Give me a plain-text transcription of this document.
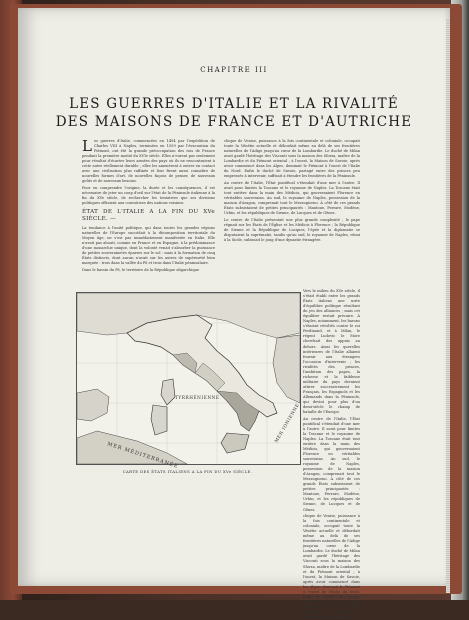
CHAPITRE III
LES GUERRES D'ITALIE ET LA RIVALITÉ
DES MAISONS DE FRANCE ET D'AUTRICHE

Les guerres d'Italie, commencées en 1494 par l'expédition de Charles VIII à Naples, terminées en 1559 par l'évacuation du Piémont, ont été la grande préoccupation des rois de France pendant la première moitié du XVIe siècle. Elles n'eurent pas seulement pour résultat d'écarter leurs armées des pays où ils ne rencontraient à cette autre réellement durable ; elles les amenèrent à entrer en contact avec une civilisation plus raffinée et leur firent aussi connaître de nouvelles formes d'art, de nouvelles façons de penser, de nouveaux goûts et de nouveaux besoins.

Pour en comprendre l'origine, la durée et les conséquences, il est nécessaire de jeter un coup d'œil sur l'état de la Péninsule italienne à la fin du XVe siècle, de rechercher les tentatives que ses divisions politiques offraient aux convoitises des nations voisines.

ÉTAT DE L'ITALIE A LA FIN DU XVe SIÈCLE. —

La tendance à l'unité politique, qui dans toutes les grandes régions naturelles de l'Europe succédait à la décomposition territoriale du Moyen âge, ne s'est pas immédiatement manifestée en Italie. Elle n'avait pas abouti, comme en France et en Espagne, à la prédominance d'une monarchie unique, dont la volonté venait s'absorber la puissance de petites souverainetés éparses sur le sol : mais à la formation de cinq États distincts, dont aucun n'avait sur les autres de supériorité bien marquée : trois dans la vallée du Pô et trois dans l'Italie péninsulaire.

Dans le bassin du Pô, le territoire de la République oligarchique

chique de Venise, puissance à la fois continentale et coloniale, occupait toute la Vénétie actuelle et débordait même au delà de ses frontières naturelles de l'Adige jusqu'au cœur de la Lombardie. Le duché de Milan avait gardé l'héritage des Visconti sous la maison des Sforza, maître de la Lombardie et du Piémont oriental ; à l'ouest, la Maison de Savoie, après avoir commencé dans les Alpes, dominait le Piémont à l'ouest de l'Italie du Nord. Enfin le duché de Savoie, partagé entre des princes peu empressés à intervenir, suffisait à étendre les frontières de la Péninsule.

Au centre de l'Italie, l'État pontifical s'étendait d'une mer à l'autre. Il avait pour limites la Toscane et le royaume de Naples. La Toscane était tout entière dans la main des Médicis, qui gouvernaient Florence en véritables souverains. Au sud, le royaume de Naples, possession de la maison d'Aragon, comprenait tout le Mezzogiorno. À côté de ces grands États subsistaient de petites principautés : Mantoue, Ferrare, Modène, Urbin, et les républiques de Sienne, de Lucques et de Gênes.

Le centre de l'Italie présentait une plus grande complexité ; le pape régnait sur les États de l'Église et les Médicis à Florence ; la République de Sienne et la République de Lucques, l'épée et la diplomatie se disputaient la suprématie, tandis qu'au sud, le royaume de Naples, réuni à la Sicile, subissait le joug d'une dynastie étrangère.

Vers le milieu du XVe siècle, il s'était établi entre les grands États italiens une sorte d'équilibre politique résultant du jeu des alliances ; mais cet équilibre restait précaire. À Naples, notamment, les barons s'étaient révoltés contre le roi Ferdinand, et à Milan, le régent Ludovic le More cherchait des appuis au dehors. Ainsi les querelles intérieures de l'Italie allaient fournir aux étrangers l'occasion d'intervenir ; les rivalités des princes, l'ambition des papes, la richesse et la faiblesse militaire du pays devaient attirer successivement les Français, les Espagnols et les Allemands dans la Péninsule, qui devint pour plus d'un demi-siècle le champ de bataille de l'Europe.

Au centre de l'Italie, l'État pontifical s'étendait d'une mer à l'autre. Il avait pour limites la Toscane et le royaume de Naples. La Toscane était tout entière dans la main des Médicis, qui gouvernaient Florence en véritables souverains. Au sud, le royaume de Naples, possession de la maison d'Aragon, comprenait tout le Mezzogiorno. À côté de ces grands États subsistaient de petites principautés : Mantoue, Ferrare, Modène, Urbin, et les républiques de Sienne, de Lucques et de Gênes.

chique de Venise, puissance à la fois continentale et coloniale, occupait toute la Vénétie actuelle et débordait même au delà de ses frontières naturelles de l'Adige jusqu'au cœur de la Lombardie. Le duché de Milan avait gardé l'héritage des Visconti sous la maison des Sforza, maître de la Lombardie et du Piémont oriental ; à l'ouest, la Maison de Savoie, après avoir commencé dans les Alpes, dominait le Piémont à l'ouest de l'Italie du Nord. Enfin le duché de Savoie, partagé entre des princes peu empressés à intervenir, suffisait à étendre les frontières de la Péninsule.

TYRRHÉNIENNE
MER MÉDITERRANÉE
MER IONIENNE
CARTE DES ÉTATS ITALIENS A LA FIN DU XVe SIÈCLE.
